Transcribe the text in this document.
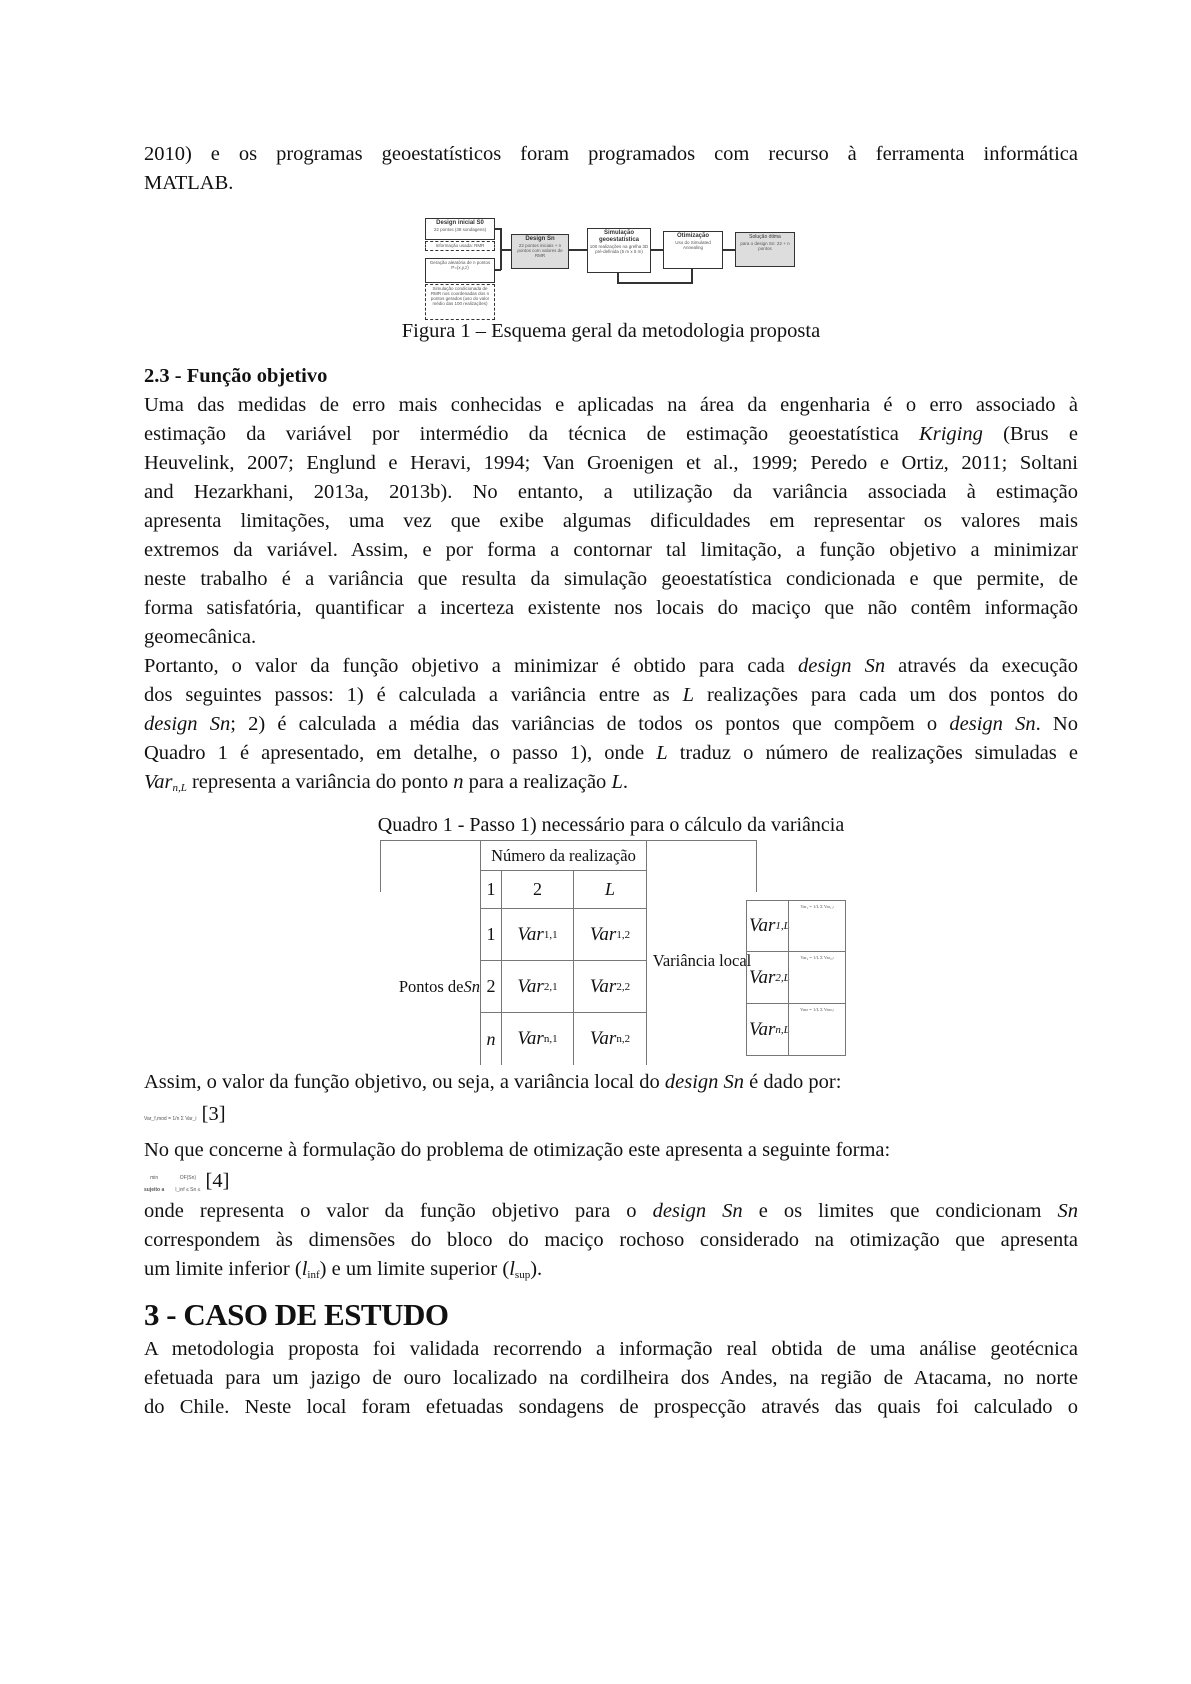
2010) e os programas geoestatísticos foram programados com recurso à ferramenta informática

MATLAB.

Design inicial S0
22 pontos (38 sondagens)
Informação usada: RMR
Geração aleatória de n pontos
P=(x,y,z)
Simulação condicionada de RMR nos coordenadas dos n pontos gerados (uso do valor médio das 100 realizações)
Design Sn
22 pontos iniciais + n pontos com valores de RMR
Simulação geoestatística
100 realizações na grelha 3D pré-definida (5 m x 5 m)
Otimização
Uso do Simulated Annealing
Solução ótima
para o design Sn: 22 + n pontos

Figura 1 – Esquema geral da metodologia proposta

2.3 - Função objetivo

Uma das medidas de erro mais conhecidas e aplicadas na área da engenharia é o erro associado à

estimação da variável por intermédio da técnica de estimação geoestatística Kriging (Brus e

Heuvelink, 2007; Englund e Heravi, 1994; Van Groenigen et al., 1999; Peredo e Ortiz, 2011; Soltani

and Hezarkhani, 2013a, 2013b). No entanto, a utilização da variância associada à estimação

apresenta limitações, uma vez que exibe algumas dificuldades em representar os valores mais

extremos da variável. Assim, e por forma a contornar tal limitação, a função objetivo a minimizar

neste trabalho é a variância que resulta da simulação geoestatística condicionada e que permite, de

forma satisfatória, quantificar a incerteza existente nos locais do maciço que não contêm informação

geomecânica.

Portanto, o valor da função objetivo a minimizar é obtido para cada design Sn através da execução

dos seguintes passos: 1) é calculada a variância entre as L realizações para cada um dos pontos do

design Sn; 2) é calculada a média das variâncias de todos os pontos que compõem o design Sn. No

Quadro 1 é apresentado, em detalhe, o passo 1), onde L traduz o número de realizações simuladas e

Var$_{n,L}$ representa a variância do ponto n para a realização L.

Quadro 1 - Passo 1) necessário para o cálculo da variância

Número da realização
1	2	L
Pontos de Sn
1 Var 1,1 Var 1,2
2 Var 2,1 Var 2,2
n Var n,1 Var n,2
Variância local
Var 1,L
Var₁ = 1/L Σ Var₁,ₗ
Var 2,L
Var₂ = 1/L Σ Var₂,ₗ
Var n,L
Varₙ = 1/L Σ Varₙ,ₗ

Assim, o valor da função objetivo, ou seja, a variância local do design Sn é dado por:

Var_f,mod = 1/n Σ Var_i [3]

No que concerne à formulação do problema de otimização este apresenta a seguinte forma:

min
sujeito a OF(Sn)
l_inf ≤ Sn ≤ [4]

onde representa o valor da função objetivo para o design Sn e os limites que condicionam Sn

correspondem às dimensões do bloco do maciço rochoso considerado na otimização que apresenta

um limite inferior $(l_{inf})$ e um limite superior $(l_{sup})$.

3 - CASO DE ESTUDO

A metodologia proposta foi validada recorrendo a informação real obtida de uma análise geotécnica

efetuada para um jazigo de ouro localizado na cordilheira dos Andes, na região de Atacama, no norte

do Chile. Neste local foram efetuadas sondagens de prospecção através das quais foi calculado o
